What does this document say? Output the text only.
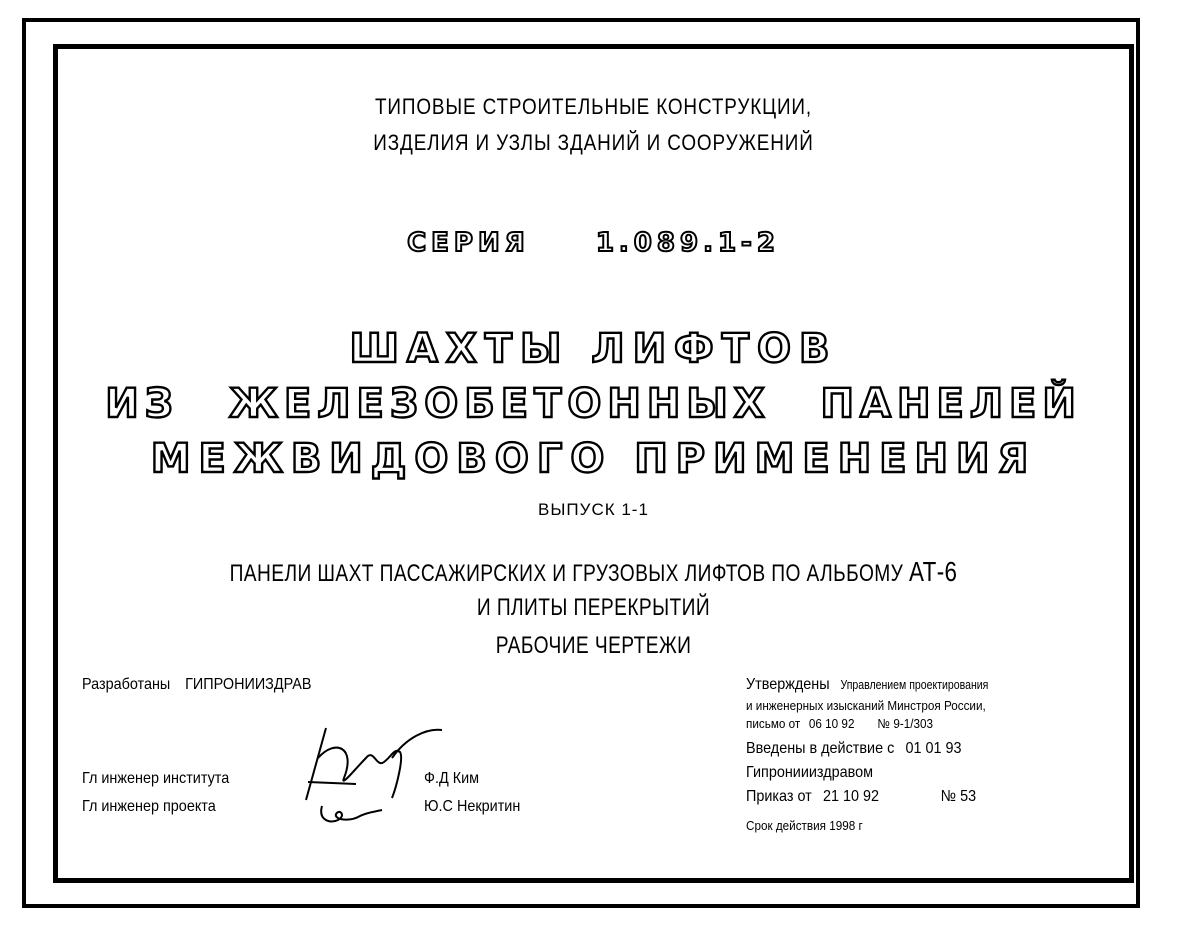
ТИПОВЫЕ СТРОИТЕЛЬНЫЕ КОНСТРУКЦИИ,
ИЗДЕЛИЯ И УЗЛЫ ЗДАНИЙ И СООРУЖЕНИЙ
СЕРИЯ	1.089.1-2
ШАХТЫ ЛИФТОВ
ИЗ ЖЕЛЕЗОБЕТОННЫХ ПАНЕЛЕЙ
МЕЖВИДОВОГО ПРИМЕНЕНИЯ
ВЫПУСК 1-1
ПАНЕЛИ ШАХТ ПАССАЖИРСКИХ И ГРУЗОВЫХ ЛИФТОВ ПО АЛЬБОМУ АТ-6
И ПЛИТЫ ПЕРЕКРЫТИЙ
РАБОЧИЕ ЧЕРТЕЖИ
Разработаны ГИПРОНИИЗДРАВ
Гл инженер института
Гл инженер проекта
Ф.Д Ким
Ю.С Некритин
Утверждены Управлением проектирования
и инженерных изысканий Минстроя России,
письмо от 06 10 92 № 9-1/303
Введены в действие с 01 01 93
Гипрониииздравом
Приказ от 21 10 92	№ 53
Срок действия 1998 г
